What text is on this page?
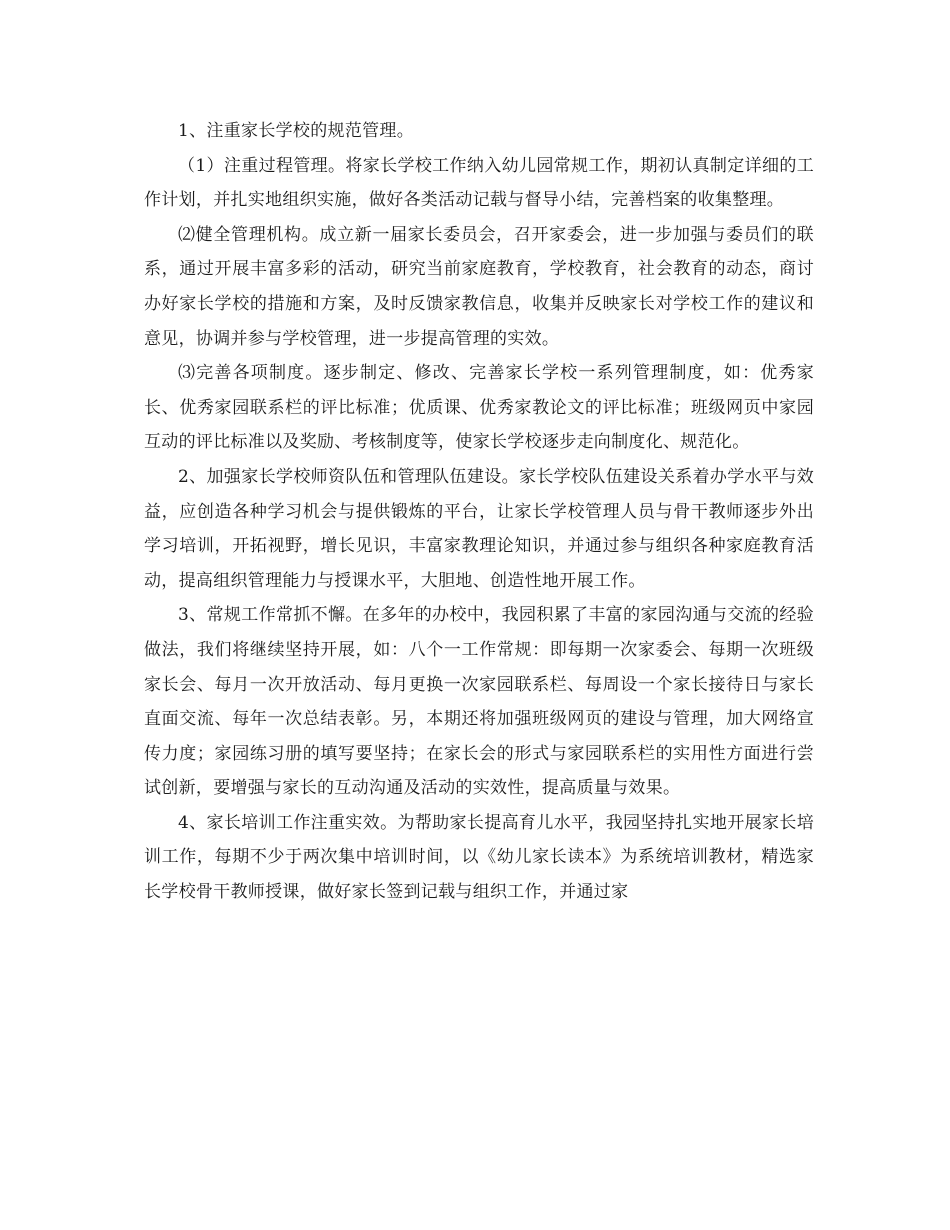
1、注重家长学校的规范管理。

（1）注重过程管理。将家长学校工作纳入幼儿园常规工作，期初认真制定详细的工作计划，并扎实地组织实施，做好各类活动记载与督导小结，完善档案的收集整理。

⑵健全管理机构。成立新一届家长委员会，召开家委会，进一步加强与委员们的联系，通过开展丰富多彩的活动，研究当前家庭教育，学校教育，社会教育的动态，商讨办好家长学校的措施和方案，及时反馈家教信息，收集并反映家长对学校工作的建议和意见，协调并参与学校管理，进一步提高管理的实效。

⑶完善各项制度。逐步制定、修改、完善家长学校一系列管理制度，如：优秀家长、优秀家园联系栏的评比标准；优质课、优秀家教论文的评比标准；班级网页中家园互动的评比标准以及奖励、考核制度等，使家长学校逐步走向制度化、规范化。

2、加强家长学校师资队伍和管理队伍建设。家长学校队伍建设关系着办学水平与效益，应创造各种学习机会与提供锻炼的平台，让家长学校管理人员与骨干教师逐步外出学习培训，开拓视野，增长见识，丰富家教理论知识，并通过参与组织各种家庭教育活动，提高组织管理能力与授课水平，大胆地、创造性地开展工作。

3、常规工作常抓不懈。在多年的办校中，我园积累了丰富的家园沟通与交流的经验做法，我们将继续坚持开展，如：八个一工作常规：即每期一次家委会、每期一次班级家长会、每月一次开放活动、每月更换一次家园联系栏、每周设一个家长接待日与家长直面交流、每年一次总结表彰。另，本期还将加强班级网页的建设与管理，加大网络宣传力度；家园练习册的填写要坚持；在家长会的形式与家园联系栏的实用性方面进行尝试创新，要增强与家长的互动沟通及活动的实效性，提高质量与效果。

4、家长培训工作注重实效。为帮助家长提高育儿水平，我园坚持扎实地开展家长培训工作，每期不少于两次集中培训时间，以《幼儿家长读本》为系统培训教材，精选家长学校骨干教师授课，做好家长签到记载与组织工作，并通过家
